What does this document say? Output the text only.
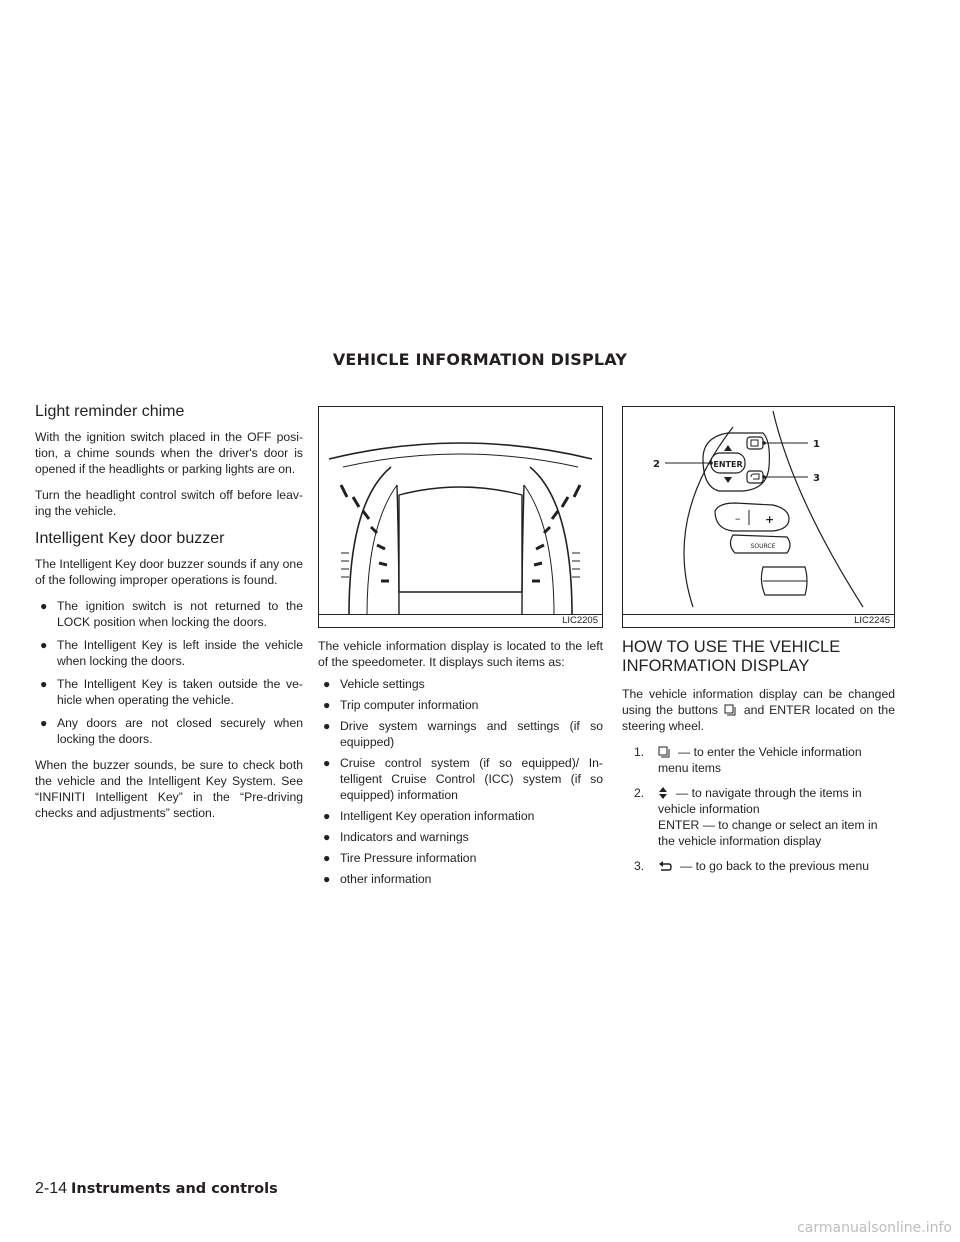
VEHICLE INFORMATION DISPLAY
Light reminder chime

With the ignition switch placed in the OFF posi- tion, a chime sounds when the driver's door is opened if the headlights or parking lights are on.

Turn the headlight control switch off before leav- ing the vehicle.

Intelligent Key door buzzer

The Intelligent Key door buzzer sounds if any one of the following improper operations is found.

● The ignition switch is not returned to the LOCK position when locking the doors.
● The Intelligent Key is left inside the vehicle when locking the doors.
● The Intelligent Key is taken outside the ve- hicle when operating the vehicle.
● Any doors are not closed securely when locking the doors.

When the buzzer sounds, be sure to check both the vehicle and the Intelligent Key System. See “INFINITI Intelligent Key” in the “Pre-driving checks and adjustments” section.

LIC2205

The vehicle information display is located to the left of the speedometer. It displays such items as:

● Vehicle settings
● Trip computer information
● Drive system warnings and settings (if so equipped)
● Cruise control system (if so equipped)/ In- telligent Cruise Control (ICC) system (if so equipped) information
● Intelligent Key operation information
● Indicators and warnings
● Tire Pressure information
● other information
ENTER
1
2
3
– +
SOURCE
LIC2245
HOW TO USE THE VEHICLE INFORMATION DISPLAY

The vehicle information display can be changed using the buttons and ENTER located on the steering wheel.

1.	— to enter the Vehicle information menu items
2.	— to navigate through the items in vehicle information
ENTER — to change or select an item in the vehicle information display
3.	— to go back to the previous menu
2-14 Instruments and controls
carmanualsonline.info
